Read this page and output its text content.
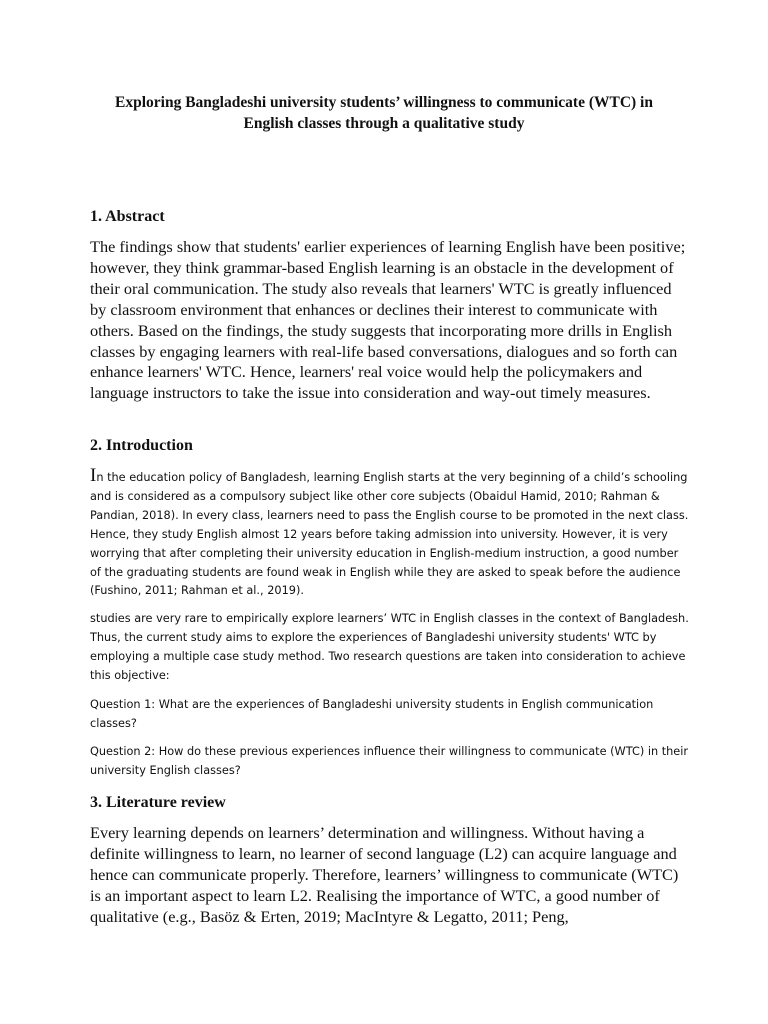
Exploring Bangladeshi university students’ willingness to communicate (WTC) in
English classes through a qualitative study
1. Abstract

The findings show that students' earlier experiences of learning English have been positive; however, they think grammar-based English learning is an obstacle in the development of their oral communication. The study also reveals that learners' WTC is greatly influenced by classroom environment that enhances or declines their interest to communicate with others. Based on the findings, the study suggests that incorporating more drills in English classes by engaging learners with real-life based conversations, dialogues and so forth can enhance learners' WTC. Hence, learners' real voice would help the policymakers and language instructors to take the issue into consideration and way-out timely measures.

2. Introduction

In the education policy of Bangladesh, learning English starts at the very beginning of a child’s schooling and is considered as a compulsory subject like other core subjects (Obaidul Hamid, 2010; Rahman & Pandian, 2018). In every class, learners need to pass the English course to be promoted in the next class. Hence, they study English almost 12 years before taking admission into university. However, it is very worrying that after completing their university education in English-medium instruction, a good number of the graduating students are found weak in English while they are asked to speak before the audience (Fushino, 2011; Rahman et al., 2019).

studies are very rare to empirically explore learners’ WTC in English classes in the context of Bangladesh. Thus, the current study aims to explore the experiences of Bangladeshi university students' WTC by employing a multiple case study method. Two research questions are taken into consideration to achieve this objective:

Question 1: What are the experiences of Bangladeshi university students in English communication classes?

Question 2: How do these previous experiences influence their willingness to communicate (WTC) in their university English classes?

3. Literature review

Every learning depends on learners’ determination and willingness. Without having a definite willingness to learn, no learner of second language (L2) can acquire language and hence can communicate properly. Therefore, learners’ willingness to communicate (WTC) is an important aspect to learn L2. Realising the importance of WTC, a good number of qualitative (e.g., Basöz & Erten, 2019; MacIntyre & Legatto, 2011; Peng,
